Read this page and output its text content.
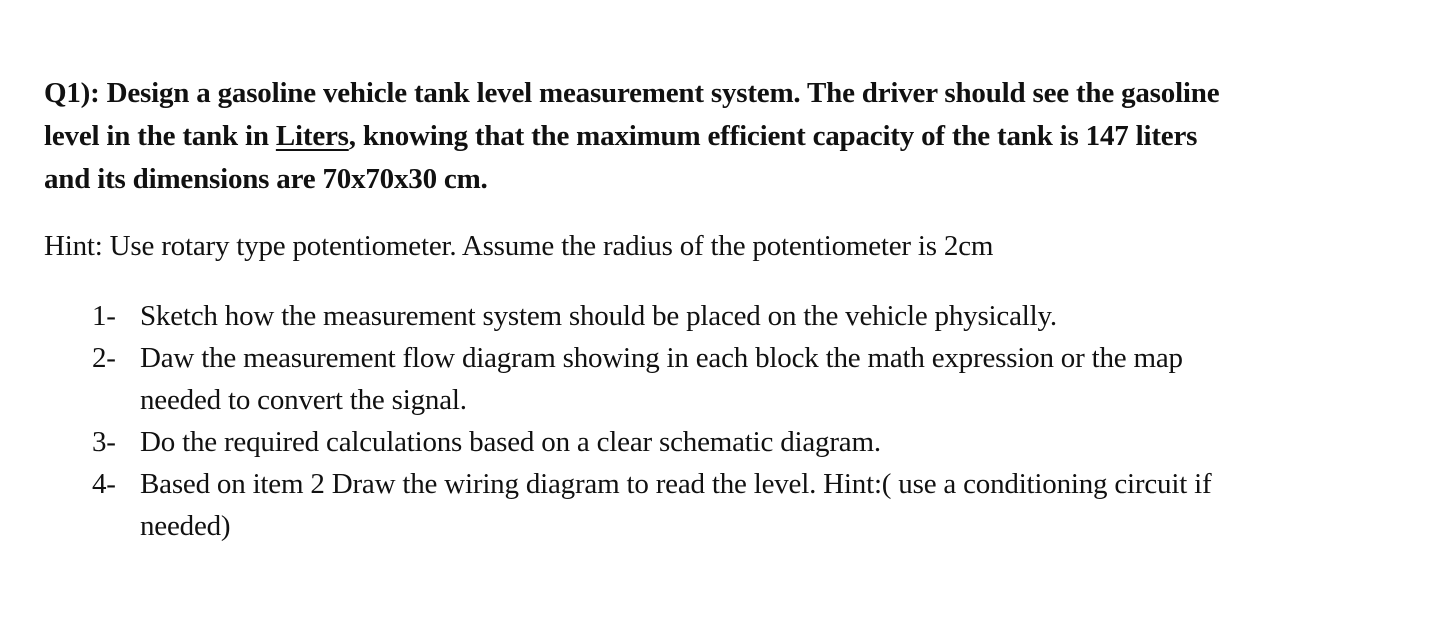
Q1): Design a gasoline vehicle tank level measurement system. The driver should see the gasoline
level in the tank in Liters, knowing that the maximum efficient capacity of the tank is 147 liters
and its dimensions are 70x70x30 cm.
Hint: Use rotary type potentiometer. Assume the radius of the potentiometer is 2cm
1- Sketch how the measurement system should be placed on the vehicle physically.
2- Daw the measurement flow diagram showing in each block the math expression or the map
needed to convert the signal.
3- Do the required calculations based on a clear schematic diagram.
4- Based on item 2 Draw the wiring diagram to read the level. Hint:( use a conditioning circuit if
needed)
